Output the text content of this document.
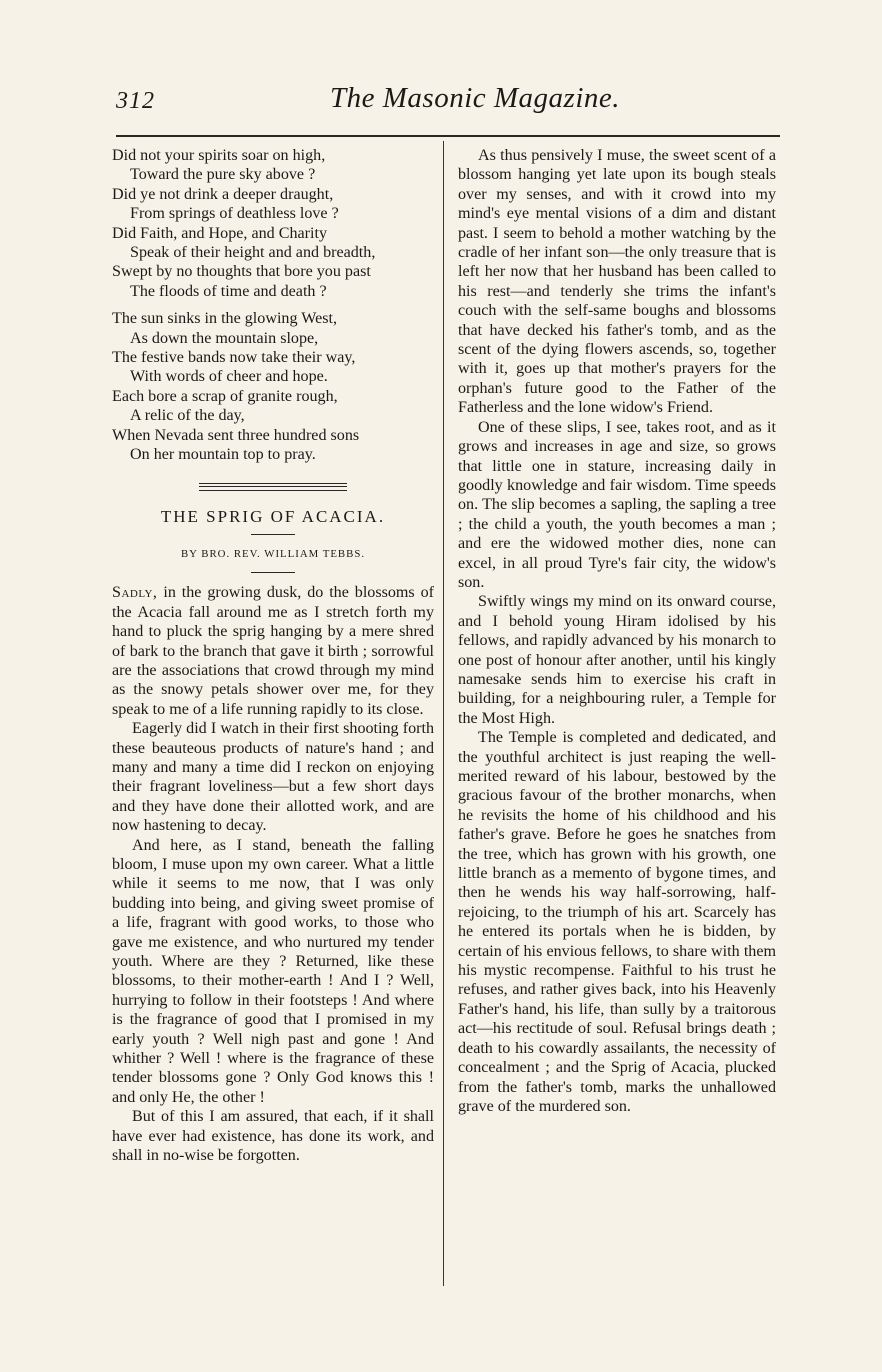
312	The Masonic Magazine.
Did not your spirits soar on high,
Toward the pure sky above ?
Did ye not drink a deeper draught,
From springs of deathless love ?
Did Faith, and Hope, and Charity
Speak of their height and and breadth,
Swept by no thoughts that bore you past
The floods of time and death ?
The sun sinks in the glowing West,
As down the mountain slope,
The festive bands now take their way,
With words of cheer and hope.
Each bore a scrap of granite rough,
A relic of the day,
When Nevada sent three hundred sons
On her mountain top to pray.
THE SPRIG OF ACACIA.
BY BRO. REV. WILLIAM TEBBS.

Sadly, in the growing dusk, do the blossoms of the Acacia fall around me as I stretch forth my hand to pluck the sprig hanging by a mere shred of bark to the branch that gave it birth ; sorrowful are the associations that crowd through my mind as the snowy petals shower over me, for they speak to me of a life running rapidly to its close.

Eagerly did I watch in their first shooting forth these beauteous products of nature's hand ; and many and many a time did I reckon on enjoying their fragrant loveliness—but a few short days and they have done their allotted work, and are now hastening to decay.

And here, as I stand, beneath the falling bloom, I muse upon my own career. What a little while it seems to me now, that I was only budding into being, and giving sweet promise of a life, fragrant with good works, to those who gave me existence, and who nurtured my tender youth. Where are they ? Returned, like these blossoms, to their mother-earth ! And I ? Well, hurrying to follow in their footsteps ! And where is the fragrance of good that I promised in my early youth ? Well nigh past and gone ! And whither ? Well ! where is the fragrance of these tender blossoms gone ? Only God knows this ! and only He, the other !

But of this I am assured, that each, if it shall have ever had existence, has done its work, and shall in no-wise be forgotten.

As thus pensively I muse, the sweet scent of a blossom hanging yet late upon its bough steals over my senses, and with it crowd into my mind's eye mental visions of a dim and distant past. I seem to behold a mother watching by the cradle of her infant son—the only treasure that is left her now that her husband has been called to his rest—and tenderly she trims the infant's couch with the self-same boughs and blossoms that have decked his father's tomb, and as the scent of the dying flowers ascends, so, together with it, goes up that mother's prayers for the orphan's future good to the Father of the Fatherless and the lone widow's Friend.

One of these slips, I see, takes root, and as it grows and increases in age and size, so grows that little one in stature, increasing daily in goodly knowledge and fair wisdom. Time speeds on. The slip becomes a sapling, the sapling a tree ; the child a youth, the youth becomes a man ; and ere the widowed mother dies, none can excel, in all proud Tyre's fair city, the widow's son.

Swiftly wings my mind on its onward course, and I behold young Hiram idolised by his fellows, and rapidly advanced by his monarch to one post of honour after another, until his kingly namesake sends him to exercise his craft in building, for a neighbouring ruler, a Temple for the Most High.

The Temple is completed and dedicated, and the youthful architect is just reaping the well-merited reward of his labour, bestowed by the gracious favour of the brother monarchs, when he revisits the home of his childhood and his father's grave. Before he goes he snatches from the tree, which has grown with his growth, one little branch as a memento of bygone times, and then he wends his way half-sorrowing, half-rejoicing, to the triumph of his art. Scarcely has he entered its portals when he is bidden, by certain of his envious fellows, to share with them his mystic recompense. Faithful to his trust he refuses, and rather gives back, into his Heavenly Father's hand, his life, than sully by a traitorous act—his rectitude of soul. Refusal brings death ; death to his cowardly assailants, the necessity of concealment ; and the Sprig of Acacia, plucked from the father's tomb, marks the unhallowed grave of the murdered son.
